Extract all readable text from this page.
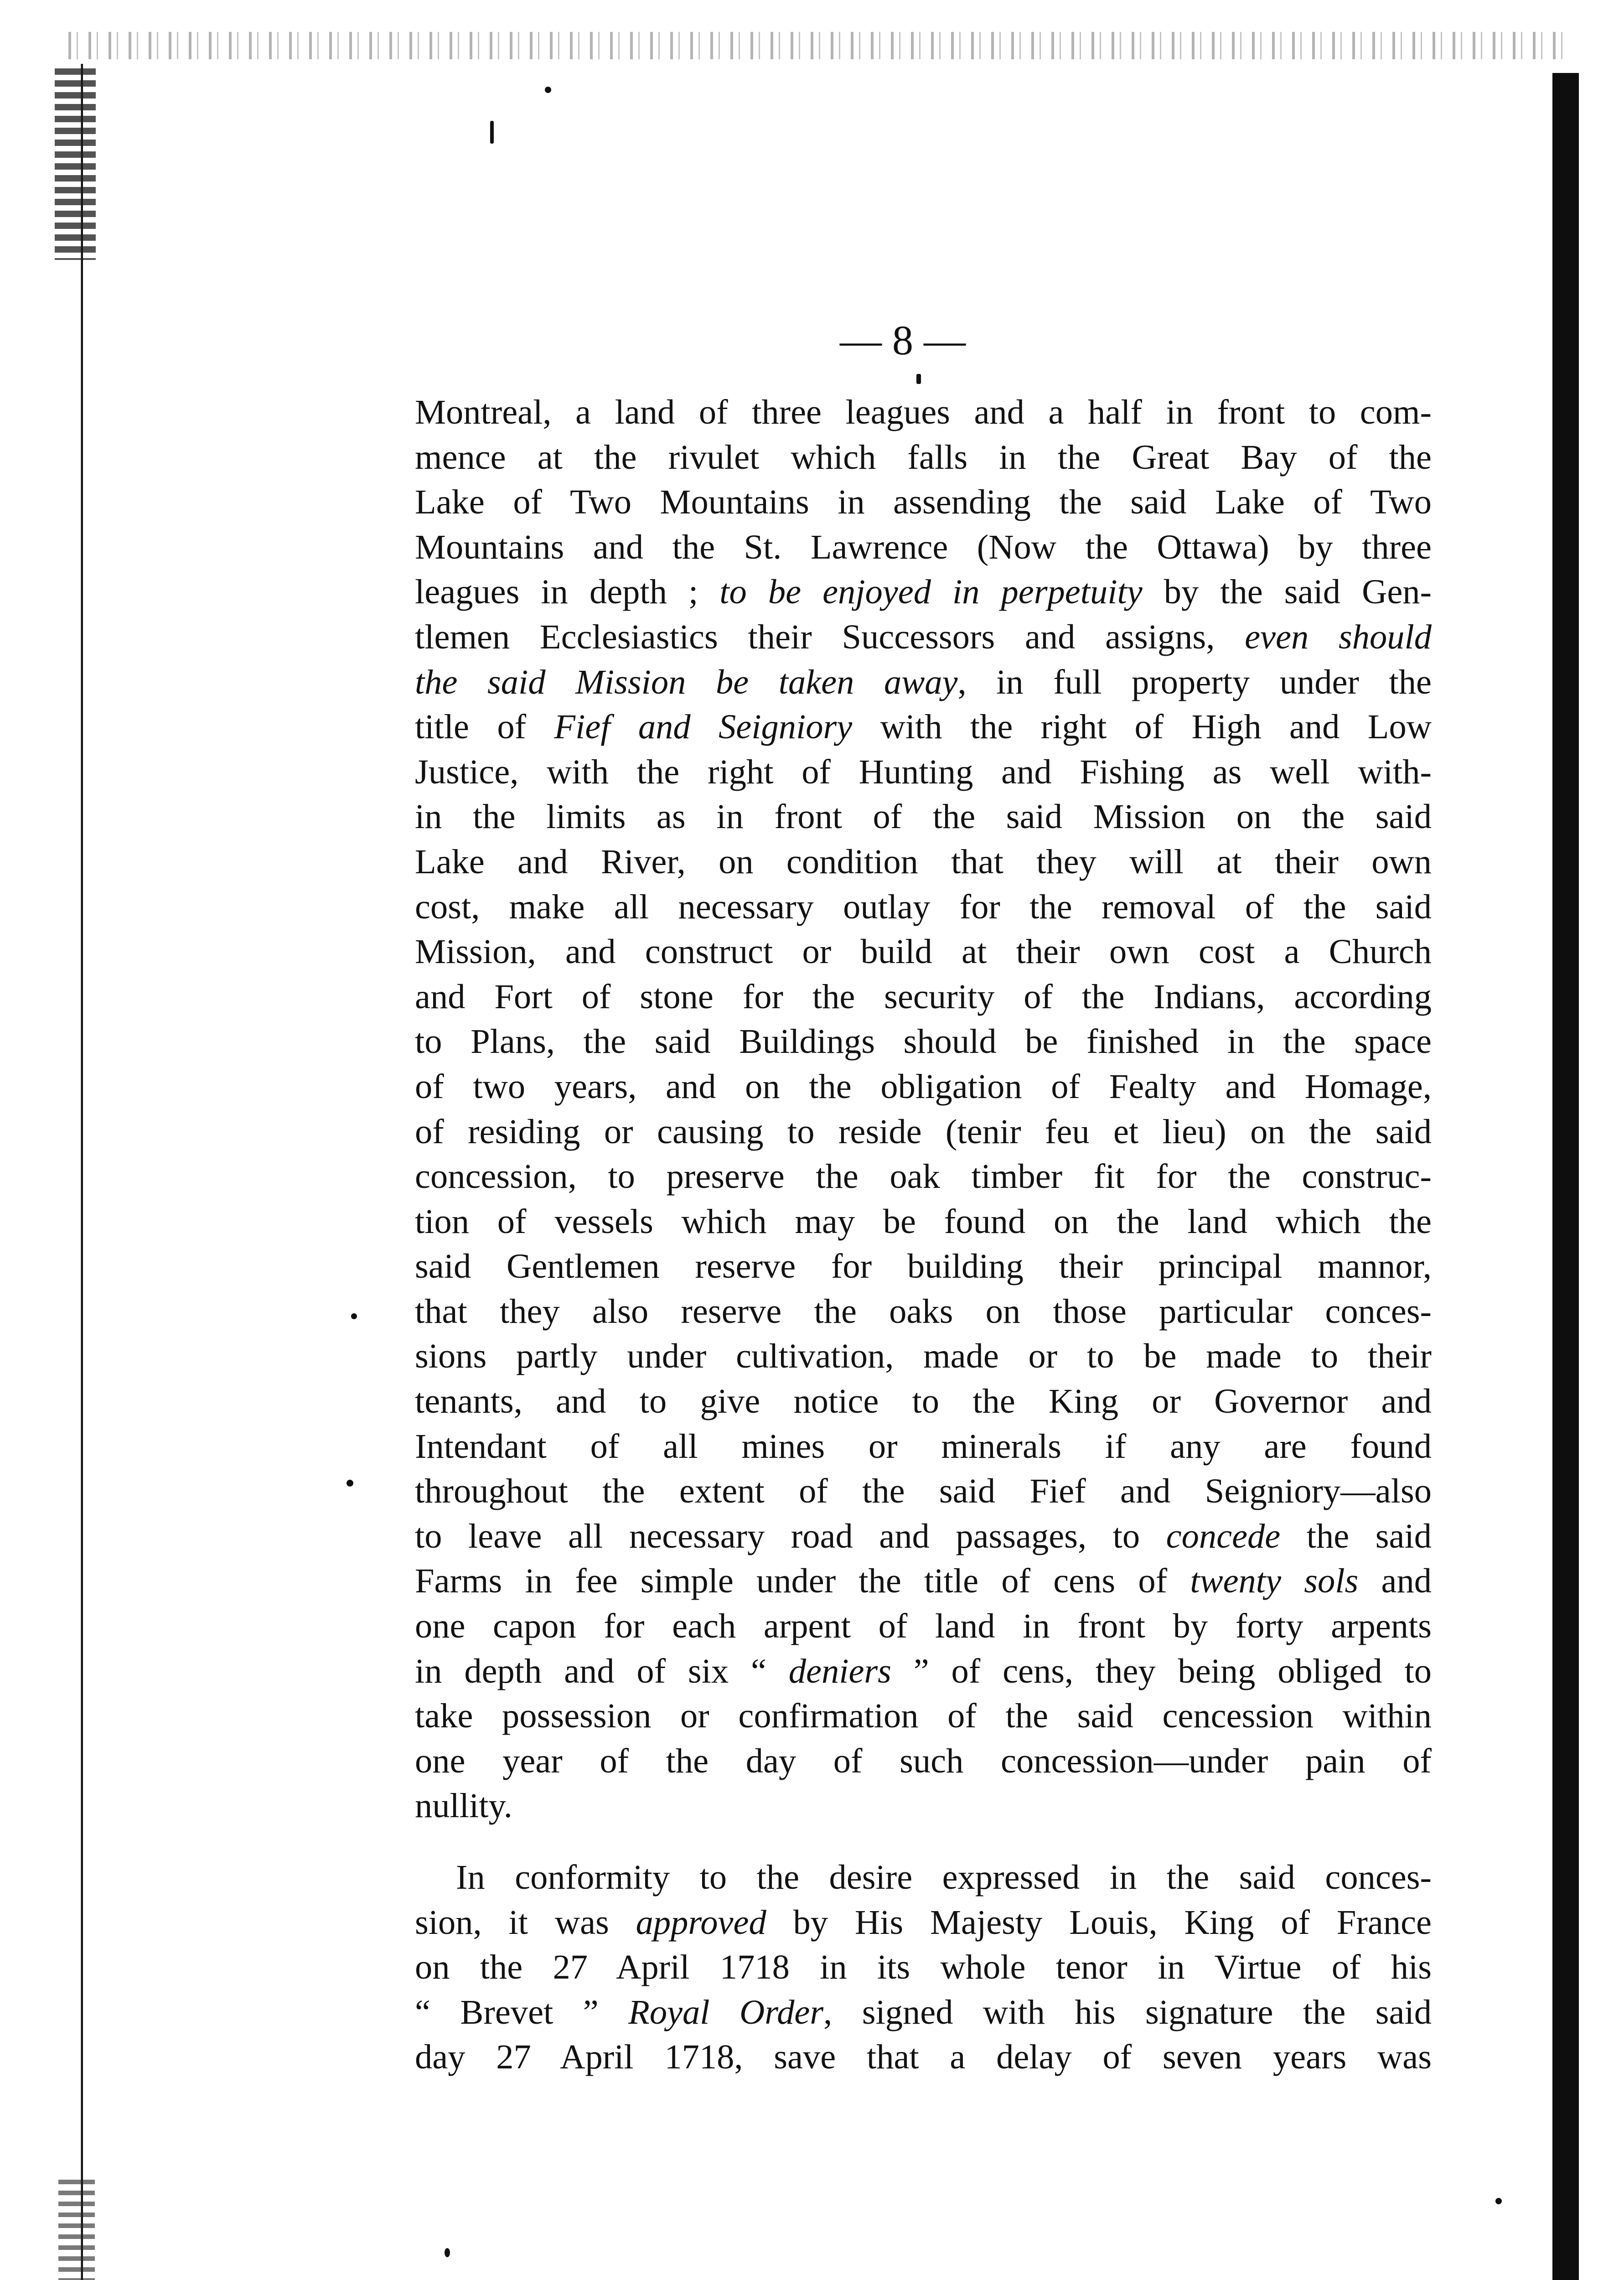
— 8 —
Montreal, a land of three leagues and a half in front to com-
mence at the rivulet which falls in the Great Bay of the
Lake of Two Mountains in assending the said Lake of Two
Mountains and the St. Lawrence (Now the Ottawa) by three
leagues in depth ; to be enjoyed in perpetuity by the said Gen-
tlemen Ecclesiastics their Successors and assigns, even should
the said Mission be taken away, in full property under the
title of Fief and Seigniory with the right of High and Low
Justice, with the right of Hunting and Fishing as well with-
in the limits as in front of the said Mission on the said
Lake and River, on condition that they will at their own
cost, make all necessary outlay for the removal of the said
Mission, and construct or build at their own cost a Church
and Fort of stone for the security of the Indians, according
to Plans, the said Buildings should be finished in the space
of two years, and on the obligation of Fealty and Homage,
of residing or causing to reside (tenir feu et lieu) on the said
concession, to preserve the oak timber fit for the construc-
tion of vessels which may be found on the land which the
said Gentlemen reserve for building their principal mannor,
that they also reserve the oaks on those particular conces-
sions partly under cultivation, made or to be made to their
tenants, and to give notice to the King or Governor and
Intendant of all mines or minerals if any are found
throughout the extent of the said Fief and Seigniory—also
to leave all necessary road and passages, to concede the said
Farms in fee simple under the title of cens of twenty sols and
one capon for each arpent of land in front by forty arpents
in depth and of six “ deniers ” of cens, they being obliged to
take possession or confirmation of the said cencession within
one year of the day of such concession—under pain of
nullity.
In conformity to the desire expressed in the said conces-
sion, it was approved by His Majesty Louis, King of France
on the 27 April 1718 in its whole tenor in Virtue of his
“ Brevet ” Royal Order, signed with his signature the said
day 27 April 1718, save that a delay of seven years was
